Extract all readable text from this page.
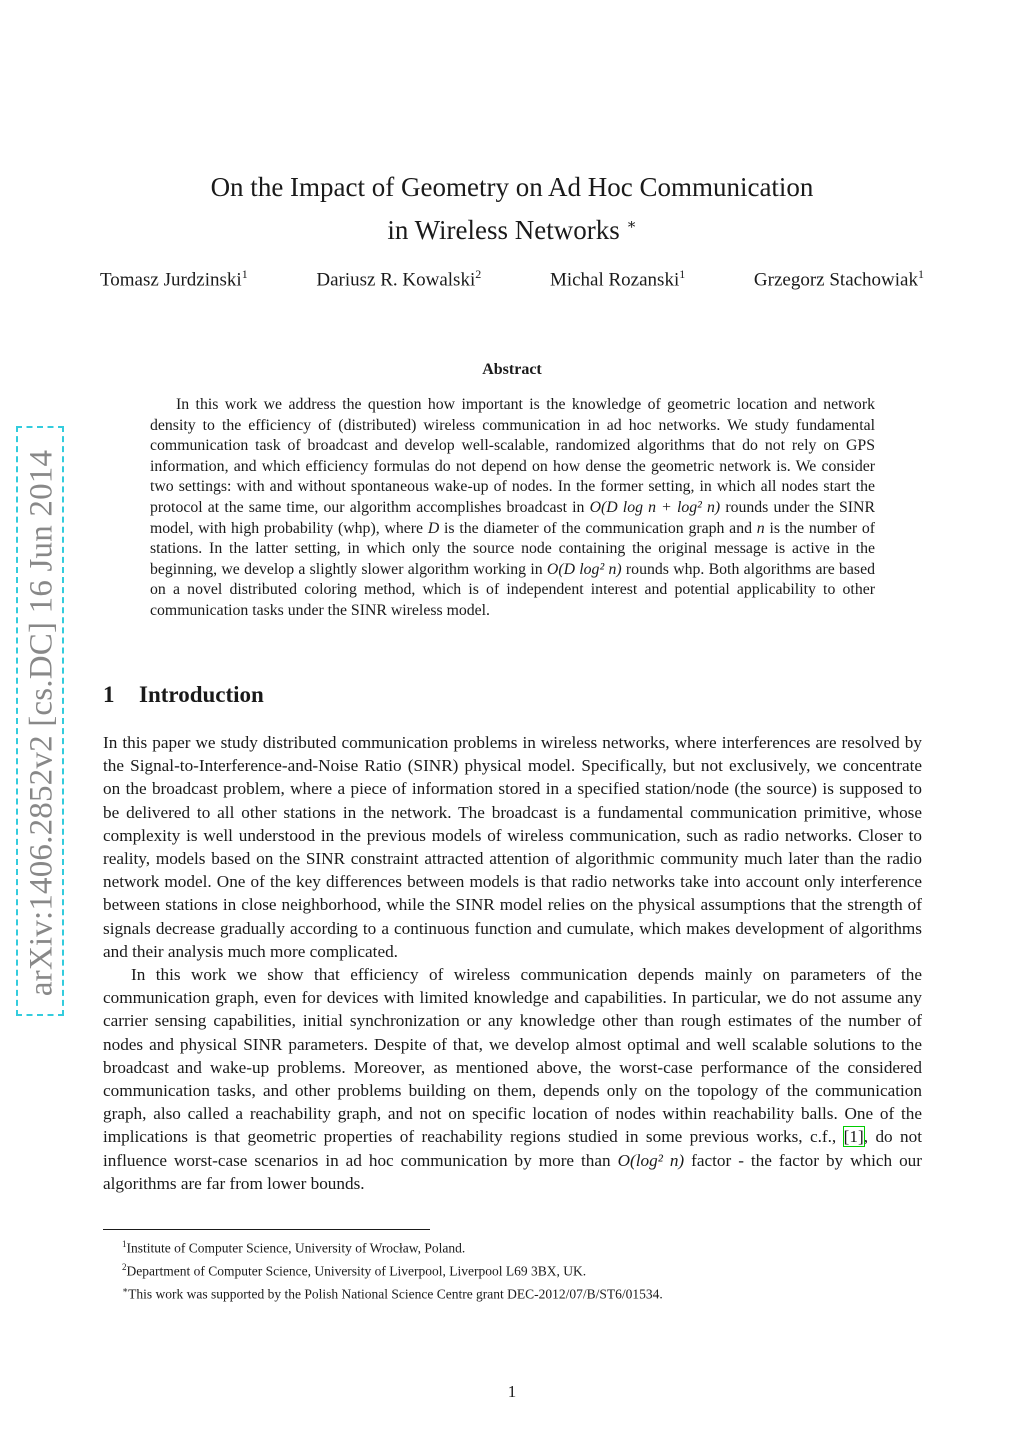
arXiv:1406.2852v2 [cs.DC] 16 Jun 2014
On the Impact of Geometry on Ad Hoc Communication
in Wireless Networks ∗
Tomasz Jurdzinski$^1$	Dariusz R. Kowalski$^2$	Michal Rozanski$^1$	Grzegorz Stachowiak$^1$
Abstract

In this work we address the question how important is the knowledge of geometric location and network density to the efficiency of (distributed) wireless communication in ad hoc networks. We study fundamental communication task of broadcast and develop well-scalable, randomized algorithms that do not rely on GPS information, and which efficiency formulas do not depend on how dense the geometric network is. We consider two settings: with and without spontaneous wake-up of nodes. In the former setting, in which all nodes start the protocol at the same time, our algorithm accomplishes broadcast in O(D log n + log² n) rounds under the SINR model, with high probability (whp), where D is the diameter of the communication graph and n is the number of stations. In the latter setting, in which only the source node containing the original message is active in the beginning, we develop a slightly slower algorithm working in O(D log² n) rounds whp. Both algorithms are based on a novel distributed coloring method, which is of independent interest and potential applicability to other communication tasks under the SINR wireless model.

1 Introduction

In this paper we study distributed communication problems in wireless networks, where interferences are resolved by the Signal-to-Interference-and-Noise Ratio (SINR) physical model. Specifically, but not exclusively, we concentrate on the broadcast problem, where a piece of information stored in a specified station/node (the source) is supposed to be delivered to all other stations in the network. The broadcast is a fundamental communication primitive, whose complexity is well understood in the previous models of wireless communication, such as radio networks. Closer to reality, models based on the SINR constraint attracted attention of algorithmic community much later than the radio network model. One of the key differences between models is that radio networks take into account only interference between stations in close neighborhood, while the SINR model relies on the physical assumptions that the strength of signals decrease gradually according to a continuous function and cumulate, which makes development of algorithms and their analysis much more complicated.

In this work we show that efficiency of wireless communication depends mainly on parameters of the communication graph, even for devices with limited knowledge and capabilities. In particular, we do not assume any carrier sensing capabilities, initial synchronization or any knowledge other than rough estimates of the number of nodes and physical SINR parameters. Despite of that, we develop almost optimal and well scalable solutions to the broadcast and wake-up problems. Moreover, as mentioned above, the worst-case performance of the considered communication tasks, and other problems building on them, depends only on the topology of the communication graph, also called a reachability graph, and not on specific location of nodes within reachability balls. One of the implications is that geometric properties of reachability regions studied in some previous works, c.f., [1], do not influence worst-case scenarios in ad hoc communication by more than O(log² n) factor - the factor by which our algorithms are far from lower bounds.

$^1$Institute of Computer Science, University of Wrocław, Poland.
$^2$Department of Computer Science, University of Liverpool, Liverpool L69 3BX, UK.
∗This work was supported by the Polish National Science Centre grant DEC-2012/07/B/ST6/01534.
1
